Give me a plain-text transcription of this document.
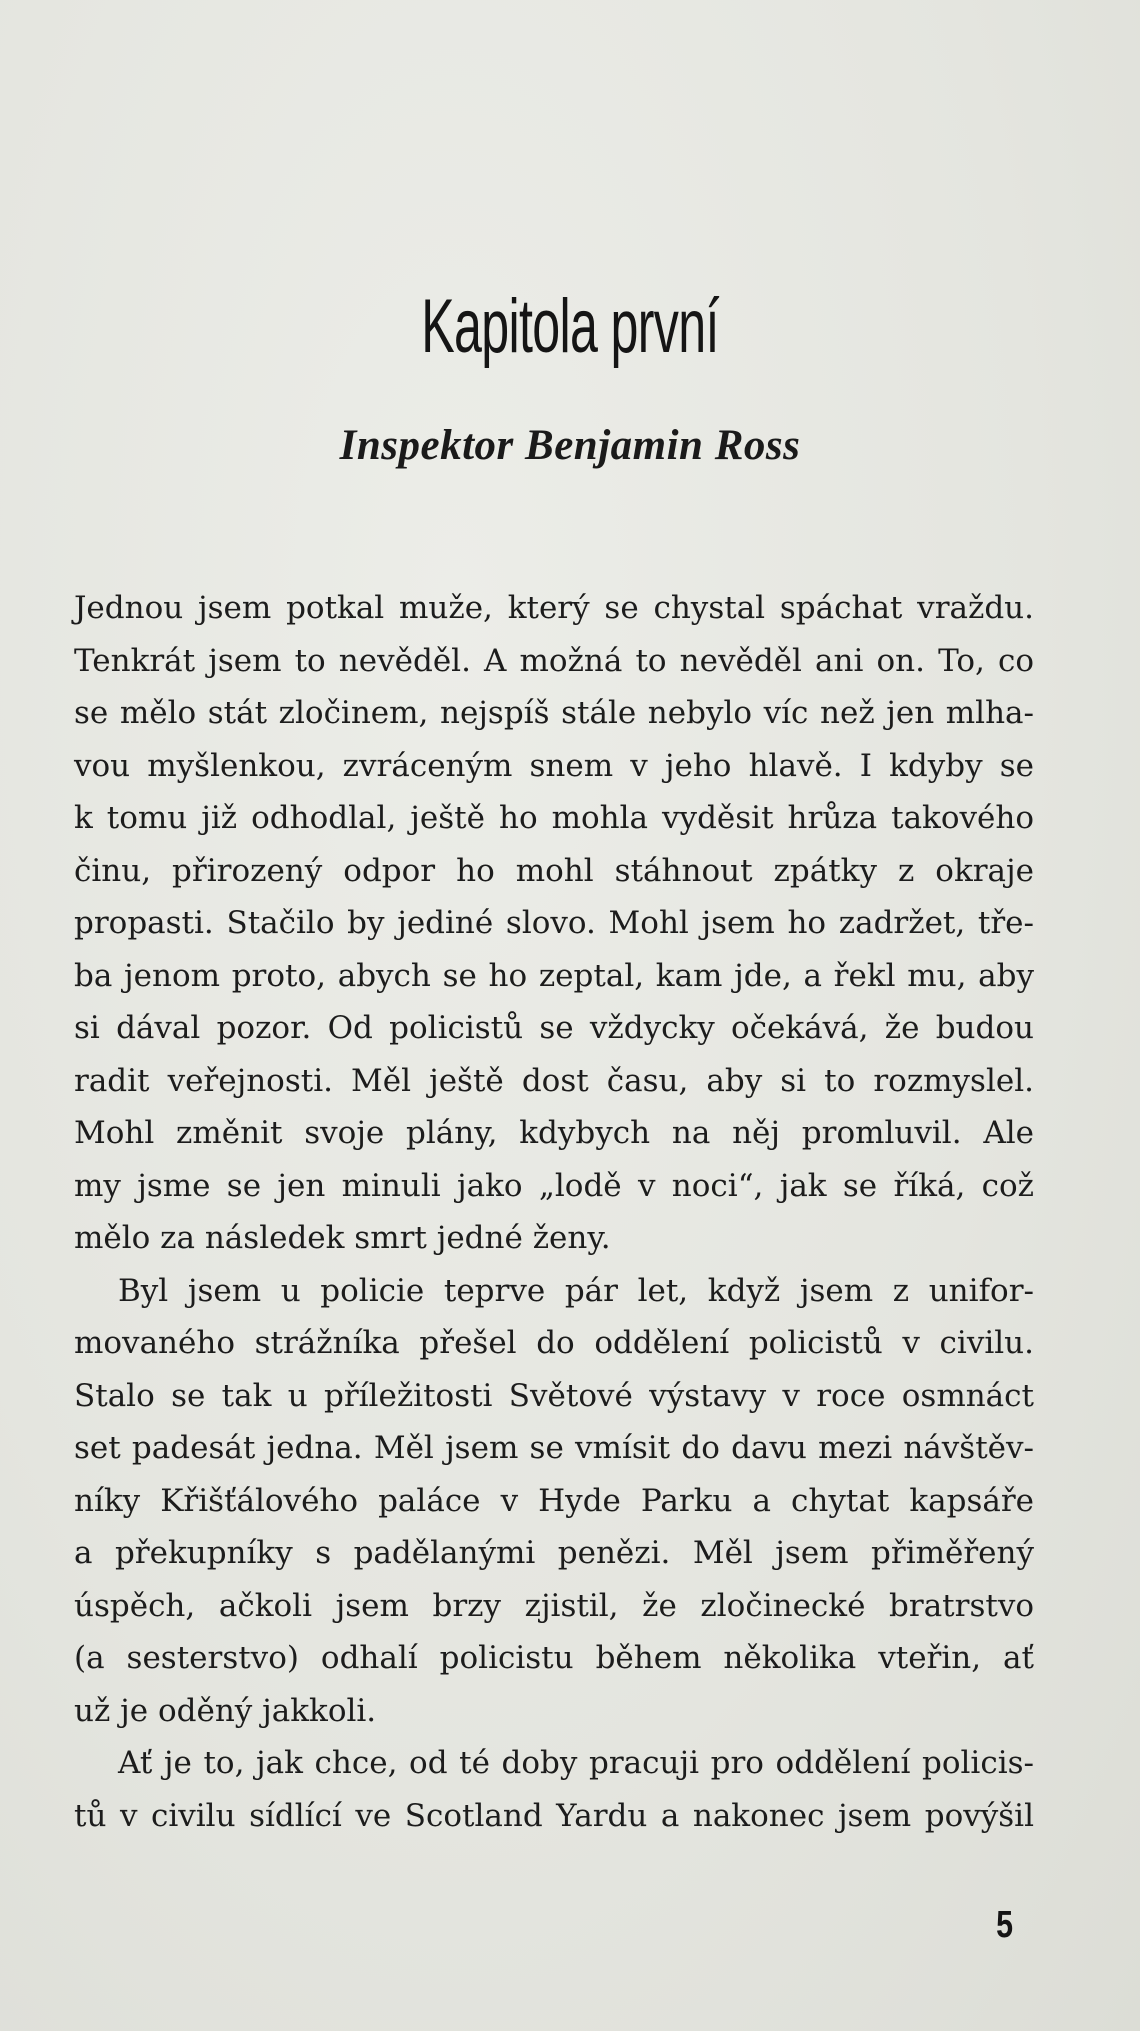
Kapitola první
Inspektor Benjamin Ross
Jednou jsem potkal muže, který se chystal spáchat vraždu.
Tenkrát jsem to nevěděl. A možná to nevěděl ani on. To, co
se mělo stát zločinem, nejspíš stále nebylo víc než jen mlha-
vou myšlenkou, zvráceným snem v jeho hlavě. I kdyby se
k tomu již odhodlal, ještě ho mohla vyděsit hrůza takového
činu, přirozený odpor ho mohl stáhnout zpátky z okraje
propasti. Stačilo by jediné slovo. Mohl jsem ho zadržet, tře-
ba jenom proto, abych se ho zeptal, kam jde, a řekl mu, aby
si dával pozor. Od policistů se vždycky očekává, že budou
radit veřejnosti. Měl ještě dost času, aby si to rozmyslel.
Mohl změnit svoje plány, kdybych na něj promluvil. Ale
my jsme se jen minuli jako „lodě v noci“, jak se říká, což
mělo za následek smrt jedné ženy.
Byl jsem u policie teprve pár let, když jsem z unifor-
movaného strážníka přešel do oddělení policistů v civilu.
Stalo se tak u příležitosti Světové výstavy v roce osmnáct
set padesát jedna. Měl jsem se vmísit do davu mezi návštěv-
níky Křišťálového paláce v Hyde Parku a chytat kapsáře
a překupníky s padělanými penězi. Měl jsem přiměřený
úspěch, ačkoli jsem brzy zjistil, že zločinecké bratrstvo
(a sesterstvo) odhalí policistu během několika vteřin, ať
už je oděný jakkoli.
Ať je to, jak chce, od té doby pracuji pro oddělení policis-
tů v civilu sídlící ve Scotland Yardu a nakonec jsem povýšil
5
